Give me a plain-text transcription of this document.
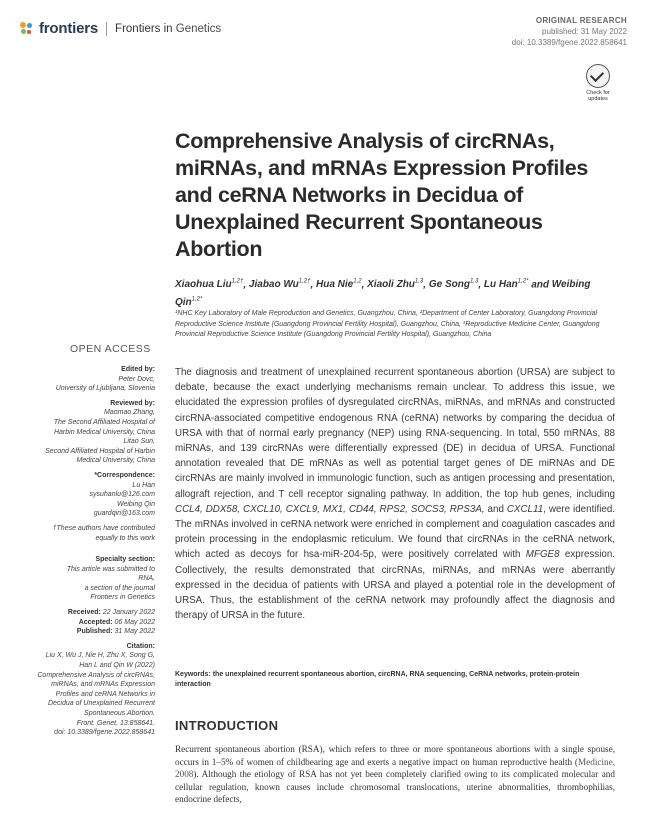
frontiers Frontiers in Genetics
ORIGINAL RESEARCH
published: 31 May 2022
doi: 10.3389/fgene.2022.858641
Check for
updates
Comprehensive Analysis of circRNAs, miRNAs, and mRNAs Expression Profiles and ceRNA Networks in Decidua of Unexplained Recurrent Spontaneous Abortion
Xiaohua Liu$^{1,2\dagger}$, Jiabao $Wu^{1,2\dagger}$, Hua Nie$^{1,2}$, Xiaoli Zhu$^{1,3}$, Ge Song$^{1,3}$, Lu Han$^{1,2*}$ and Weibing Qin$^{1,2*}$
¹NHC Key Laboratory of Male Reproduction and Genetics, Guangzhou, China, ²Department of Center Laboratory, Guangdong Provincial Reproductive Science Institute (Guangdong Provincial Fertility Hospital), Guangzhou, China, ³Reproductive Medicine Center, Guangdong Provincial Reproductive Science Institute (Guangdong Provincial Fertility Hospital), Guangzhou, China
OPEN ACCESS
Edited by:
Peter Dovc,
University of Ljubljana, Slovenia
Reviewed by:
Maomao Zhang,
The Second Affiliated Hospital of
Harbin Medical University, China
Litao Sun,
Second Affiliated Hospital of Harbin
Medical University, China
*Correspondence:
Lu Han
sysuhanlu@126.com
Weibing Qin
guardqin@163.com
†These authors have contributed
equally to this work
Specialty section:
This article was submitted to
RNA,
a section of the journal
Frontiers in Genetics
Received: 22 January 2022
Accepted: 06 May 2022
Published: 31 May 2022
Citation:
Liu X, Wu J, Nie H, Zhu X, Song G,
Han L and Qin W (2022)
Comprehensive Analysis of circRNAs,
miRNAs, and mRNAs Expression
Profiles and ceRNA Networks in
Decidua of Unexplained Recurrent
Spontaneous Abortion.
Front. Genet. 13:858641.
doi: 10.3389/fgene.2022.858641
The diagnosis and treatment of unexplained recurrent spontaneous abortion (URSA) are subject to debate, because the exact underlying mechanisms remain unclear. To address this issue, we elucidated the expression profiles of dysregulated circRNAs, miRNAs, and mRNAs and constructed circRNA-associated competitive endogenous RNA (ceRNA) networks by comparing the decidua of URSA with that of normal early pregnancy (NEP) using RNA-sequencing. In total, 550 mRNAs, 88 miRNAs, and 139 circRNAs were differentially expressed (DE) in decidua of URSA. Functional annotation revealed that DE mRNAs as well as potential target genes of DE miRNAs and DE circRNAs are mainly involved in immunologic function, such as antigen processing and presentation, allograft rejection, and T cell receptor signaling pathway. In addition, the top hub genes, including CCL4, DDX58, CXCL10, CXCL9, MX1, CD44, RPS2, SOCS3, RPS3A, and CXCL11, were identified. The mRNAs involved in ceRNA network were enriched in complement and coagulation cascades and protein processing in the endoplasmic reticulum. We found that circRNAs in the ceRNA network, which acted as decoys for hsa-miR-204-5p, were positively correlated with MFGE8 expression. Collectively, the results demonstrated that circRNAs, miRNAs, and mRNAs were aberrantly expressed in the decidua of patients with URSA and played a potential role in the development of URSA. Thus, the establishment of the ceRNA network may profoundly affect the diagnosis and therapy of URSA in the future.
Keywords: the unexplained recurrent spontaneous abortion, circRNA, RNA sequencing, CeRNA networks, protein-protein interaction
INTRODUCTION
Recurrent spontaneous abortion (RSA), which refers to three or more spontaneous abortions with a single spouse, occurs in 1–5% of women of childbearing age and exerts a negative impact on human reproductive health (Medicine, 2008). Although the etiology of RSA has not yet been completely clarified owing to its complicated molecular and cellular regulation, known causes include chromosomal translocations, uterine abnormalities, thrombophilias, endocrine defects,
